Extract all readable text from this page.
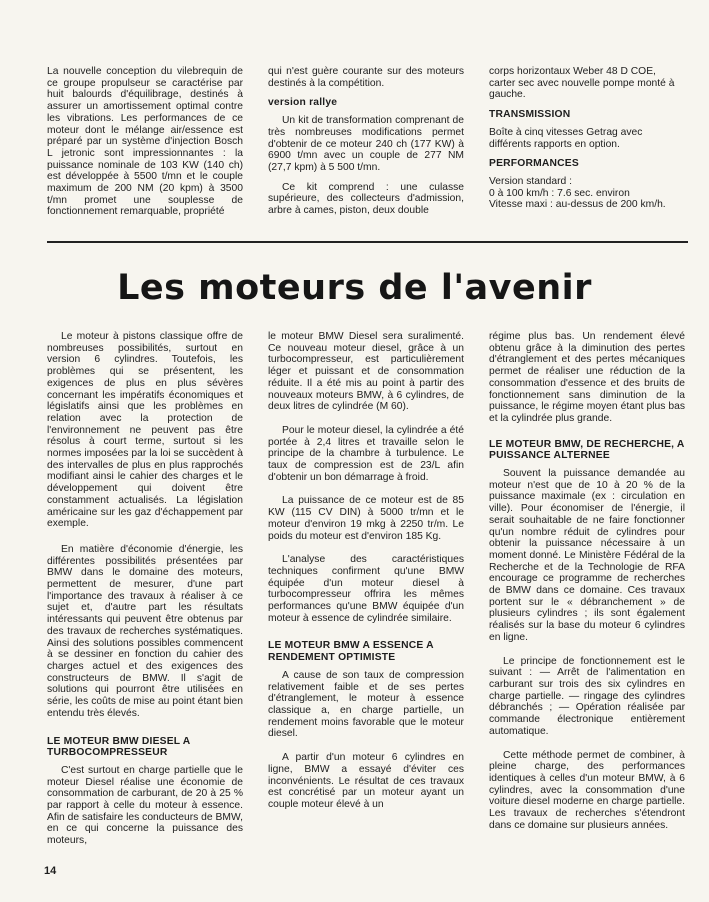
La nouvelle conception du vilebrequin de ce groupe propulseur se caractérise par huit balourds d'équilibrage, destinés à assurer un amortissement optimal contre les vibrations. Les performances de ce moteur dont le mélange air/essence est préparé par un système d'injection Bosch L jetronic sont impressionnantes : la puissance nominale de 103 KW (140 ch) est développée à 5500 t/mn et le couple maximum de 200 NM (20 kpm) à 3500 t/mn promet une souplesse de fonctionnement remarquable, propriété

qui n'est guère courante sur des moteurs destinés à la compétition.

version rallye

Un kit de transformation comprenant de très nombreuses modifications permet d'obtenir de ce moteur 240 ch (177 KW) à 6900 t/mn avec un couple de 277 NM (27,7 kpm) à 5 500 t/mn.

Ce kit comprend : une culasse supérieure, des collecteurs d'admission, arbre à cames, piston, deux double

corps horizontaux Weber 48 D COE, carter sec avec nouvelle pompe monté à gauche.

TRANSMISSION

Boîte à cinq vitesses Getrag avec différents rapports en option.

PERFORMANCES

Version standard :

0 à 100 km/h : 7.6 sec. environ

Vitesse maxi : au-dessus de 200 km/h.

Les moteurs de l'avenir

Le moteur à pistons classique offre de nombreuses possibilités, surtout en version 6 cylindres. Toutefois, les problèmes qui se présentent, les exigences de plus en plus sévères concernant les impératifs économiques et législatifs ainsi que les problèmes en relation avec la protection de l'environnement ne peuvent pas être résolus à court terme, surtout si les normes imposées par la loi se succèdent à des intervalles de plus en plus rapprochés modifiant ainsi le cahier des charges et le développement qui doivent être constamment actualisés. La législation américaine sur les gaz d'échappement par exemple.

En matière d'économie d'énergie, les différentes possibilités présentées par BMW dans le domaine des moteurs, permettent de mesurer, d'une part l'importance des travaux à réaliser à ce sujet et, d'autre part les résultats intéressants qui peuvent être obtenus par des travaux de recherches systématiques. Ainsi des solutions possibles commencent à se dessiner en fonction du cahier des charges actuel et des exigences des constructeurs de BMW. Il s'agit de solutions qui pourront être utilisées en série, les coûts de mise au point étant bien entendu très élevés.

LE MOTEUR BMW DIESEL A TURBOCOMPRESSEUR

C'est surtout en charge partielle que le moteur Diesel réalise une économie de consommation de carburant, de 20 à 25 % par rapport à celle du moteur à essence. Afin de satisfaire les conducteurs de BMW, en ce qui concerne la puissance des moteurs,

le moteur BMW Diesel sera suralimenté. Ce nouveau moteur diesel, grâce à un turbocompresseur, est particulièrement léger et puissant et de consommation réduite. Il a été mis au point à partir des nouveaux moteurs BMW, à 6 cylindres, de deux litres de cylindrée (M 60).

Pour le moteur diesel, la cylindrée a été portée à 2,4 litres et travaille selon le principe de la chambre à turbulence. Le taux de compression est de 23/L afin d'obtenir un bon démarrage à froid.

La puissance de ce moteur est de 85 KW (115 CV DIN) à 5000 tr/mn et le moteur d'environ 19 mkg à 2250 tr/m. Le poids du moteur est d'environ 185 Kg.

L'analyse des caractéristiques techniques confirment qu'une BMW équipée d'un moteur diesel à turbocompresseur offrira les mêmes performances qu'une BMW équipée d'un moteur à essence de cylindrée similaire.

LE MOTEUR BMW A ESSENCE A RENDEMENT OPTIMISTE

A cause de son taux de compression relativement faible et de ses pertes d'étranglement, le moteur à essence classique a, en charge partielle, un rendement moins favorable que le moteur diesel.

A partir d'un moteur 6 cylindres en ligne, BMW a essayé d'éviter ces inconvénients. Le résultat de ces travaux est concrétisé par un moteur ayant un couple moteur élevé à un

régime plus bas. Un rendement élevé obtenu grâce à la diminution des pertes d'étranglement et des pertes mécaniques permet de réaliser une réduction de la consommation d'essence et des bruits de fonctionnement sans diminution de la puissance, le régime moyen étant plus bas et la cylindrée plus grande.

LE MOTEUR BMW, DE RECHERCHE, A PUISSANCE ALTERNEE

Souvent la puissance demandée au moteur n'est que de 10 à 20 % de la puissance maximale (ex : circulation en ville). Pour économiser de l'énergie, il serait souhaitable de ne faire fonctionner qu'un nombre réduit de cylindres pour obtenir la puissance nécessaire à un moment donné. Le Ministère Fédéral de la Recherche et de la Technologie de RFA encourage ce programme de recherches de BMW dans ce domaine. Ces travaux portent sur le « débranchement » de plusieurs cylindres ; ils sont également réalisés sur la base du moteur 6 cylindres en ligne.

Le principe de fonctionnement est le suivant : — Arrêt de l'alimentation en carburant sur trois des six cylindres en charge partielle. — ringage des cylindres débranchés ; — Opération réalisée par commande électronique entièrement automatique.

Cette méthode permet de combiner, à pleine charge, des performances identiques à celles d'un moteur BMW, à 6 cylindres, avec la consommation d'une voiture diesel moderne en charge partielle. Les travaux de recherches s'étendront dans ce domaine sur plusieurs années.

14
